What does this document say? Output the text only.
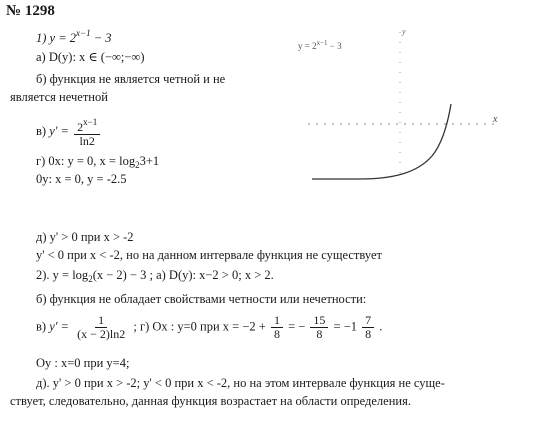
№ 1298
1) $y = 2^{x-1} - 3$
а) D(y): x ∈ (−∞;−∞)
б) функция не является четной и не
является нечетной
в) $y' = \frac{2^{x-1}}{\ln 2}$
г) 0x: y = 0, $x = \log_23+1$
0y: x = 0, y = -2.5
д) y' > 0 при x > -2
y' < 0 при x < -2, но на данном интервале функция не существует
x
y
$y = 2^{x-1} - 3$
2). $y = \log_2(x - 2) - 3$ ; а) D(y): x−2 > 0; x > 2.
б) функция не обладает свойствами четности или нечетности:
в) $y' = \frac{1}{(x - 2)\ln 2}$ ; г) Ox : y=0 при $x = -2 + \frac{1}{8}$ = − $\frac{15}{8} = -1 \frac{7}{8}$ .
Oy : x=0 при y=4;
д). y' > 0 при x > -2; y' < 0 при x < -2, но на этом интервале функция не суще-
ствует, следовательно, данная функция возрастает на области определения.
